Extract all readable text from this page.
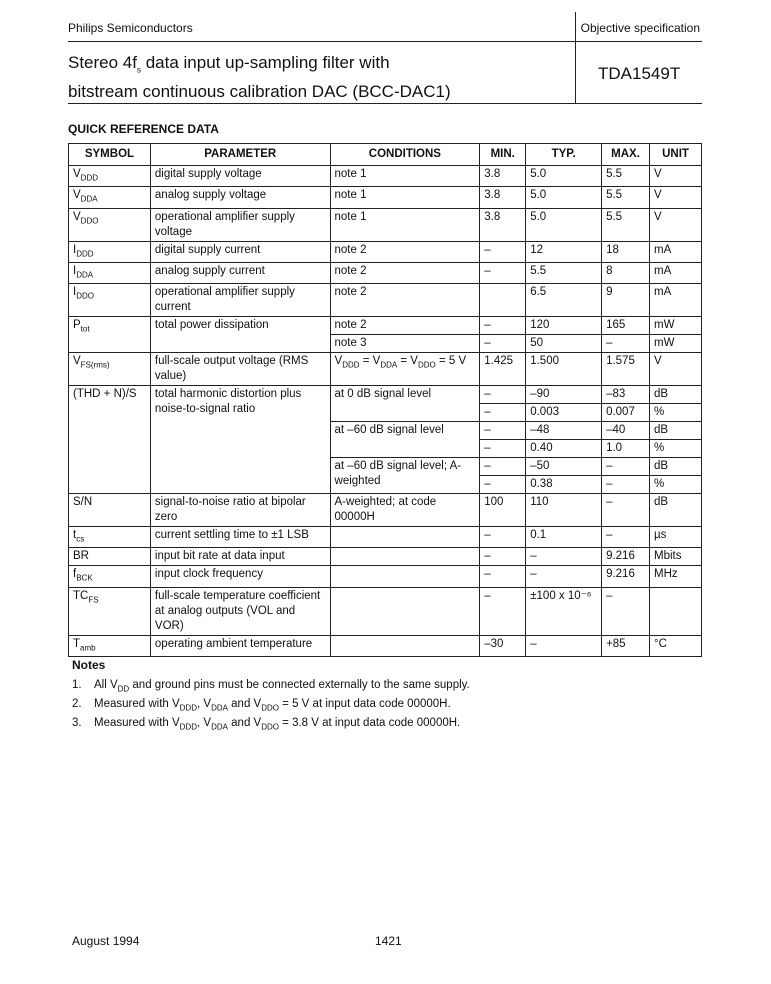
Philips Semiconductors	Objective specification
Stereo $4f_s$ data input up-sampling filter with
bitstream continuous calibration DAC (BCC-DAC1)
TDA1549T
QUICK REFERENCE DATA
SYMBOL	PARAMETER	CONDITIONS	MIN.	TYP.	MAX.	UNIT
$V_{DDD}$	digital supply voltage	note 1	3.8	5.0	5.5	V
$V_{DDA}$	analog supply voltage	note 1	3.8	5.0	5.5	V
$V_{DDO}$	operational amplifier supply voltage	note 1	3.8	5.0	5.5	V
$I_{DDD}$	digital supply current	note 2	–	12	18	mA
$I_{DDA}$	analog supply current	note 2	–	5.5	8	mA
$I_{DDO}$	operational amplifier supply current	note 2		6.5	9	mA
$P_{tot}$	total power dissipation	note 2	–	120	165	mW
		note 3	–	50	–	mW
$V_{FS(rms)}$	full-scale output voltage (RMS value)	$V_{DDD} = V_{DDA} = V_{DDO} = 5$ V	1.425	1.500	1.575	V
(THD + N)/S	total harmonic distortion plus noise-to-signal ratio	at 0 dB signal level	–	–90	–83	dB
			–	0.003	0.007	%
		at –60 dB signal level	–	–48	–40	dB
			–	0.40	1.0	%
		at –60 dB signal level; A-weighted	–	–50	–	dB
			–	0.38	–	%
S/N	signal-to-noise ratio at bipolar zero	A-weighted; at code 00000H	100	110	–	dB
$t_{cs}$	current settling time to ±1 LSB		–	0.1	–	µs
BR	input bit rate at data input		–	–	9.216	Mbits
$f_{BCK}$	input clock frequency		–	–	9.216	MHz
$TC_{FS}$	full-scale temperature coefficient at analog outputs (VOL and VOR)		–	±100 x 10⁻⁶	–	
$T_{amb}$	operating ambient temperature		–30	–	+85	°C
Notes
1. All $V_{DD}$ and ground pins must be connected externally to the same supply.
2. Measured with $V_{DDD}$, $V_{DDA}$ and $V_{DDO} = 5$ V at input data code 00000H.
3. Measured with $V_{DDD}$, $V_{DDA}$ and $V_{DDO} = 3.8$ V at input data code 00000H.
August 1994	1421
